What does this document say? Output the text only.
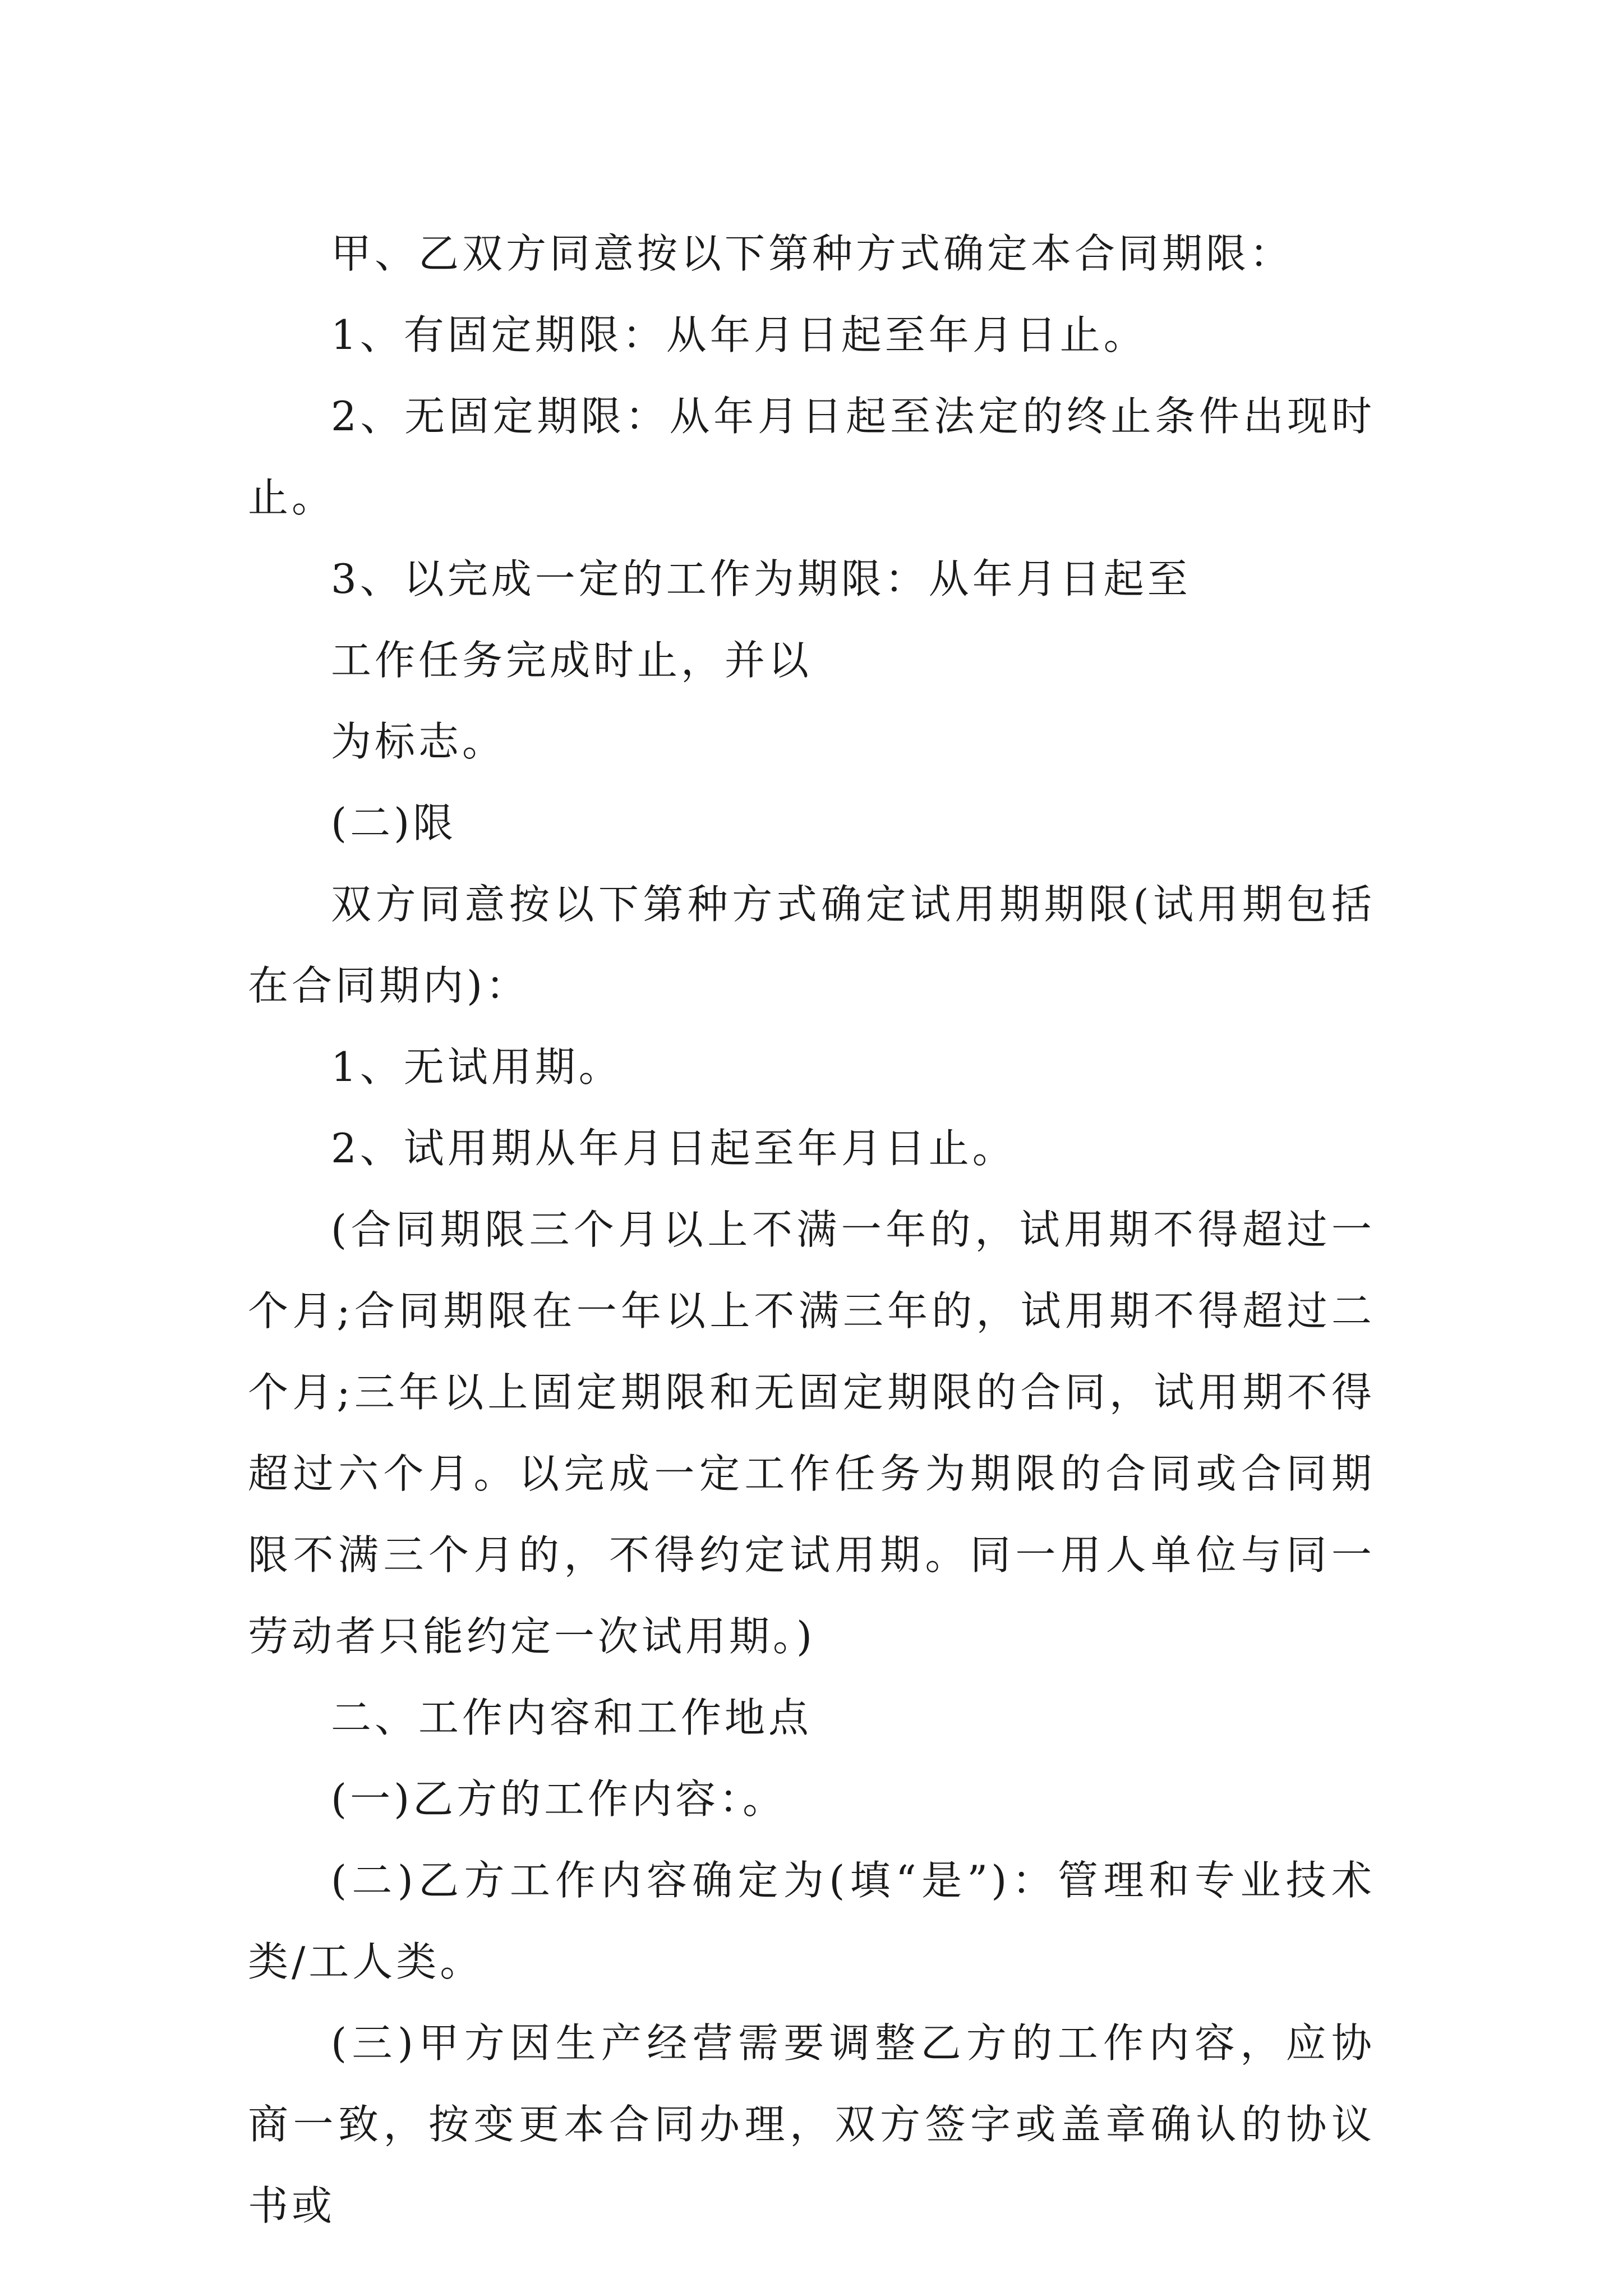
甲、乙双方同意按以下第种方式确定本合同期限：

1、有固定期限：从年月日起至年月日止。

2、无固定期限：从年月日起至法定的终止条件出现时止。

3、以完成一定的工作为期限：从年月日起至

工作任务完成时止，并以

为标志。

(二)限

双方同意按以下第种方式确定试用期期限(试用期包括在合同期内)：

1、无试用期。

2、试用期从年月日起至年月日止。

(合同期限三个月以上不满一年的，试用期不得超过一个月;合同期限在一年以上不满三年的，试用期不得超过二个月;三年以上固定期限和无固定期限的合同，试用期不得超过六个月。以完成一定工作任务为期限的合同或合同期限不满三个月的，不得约定试用期。同一用人单位与同一劳动者只能约定一次试用期。)

二、工作内容和工作地点

(一)乙方的工作内容：。

(二)乙方工作内容确定为(填“是”)：管理和专业技术类/工人类。

(三)甲方因生产经营需要调整乙方的工作内容，应协商一致，按变更本合同办理，双方签字或盖章确认的协议书或
